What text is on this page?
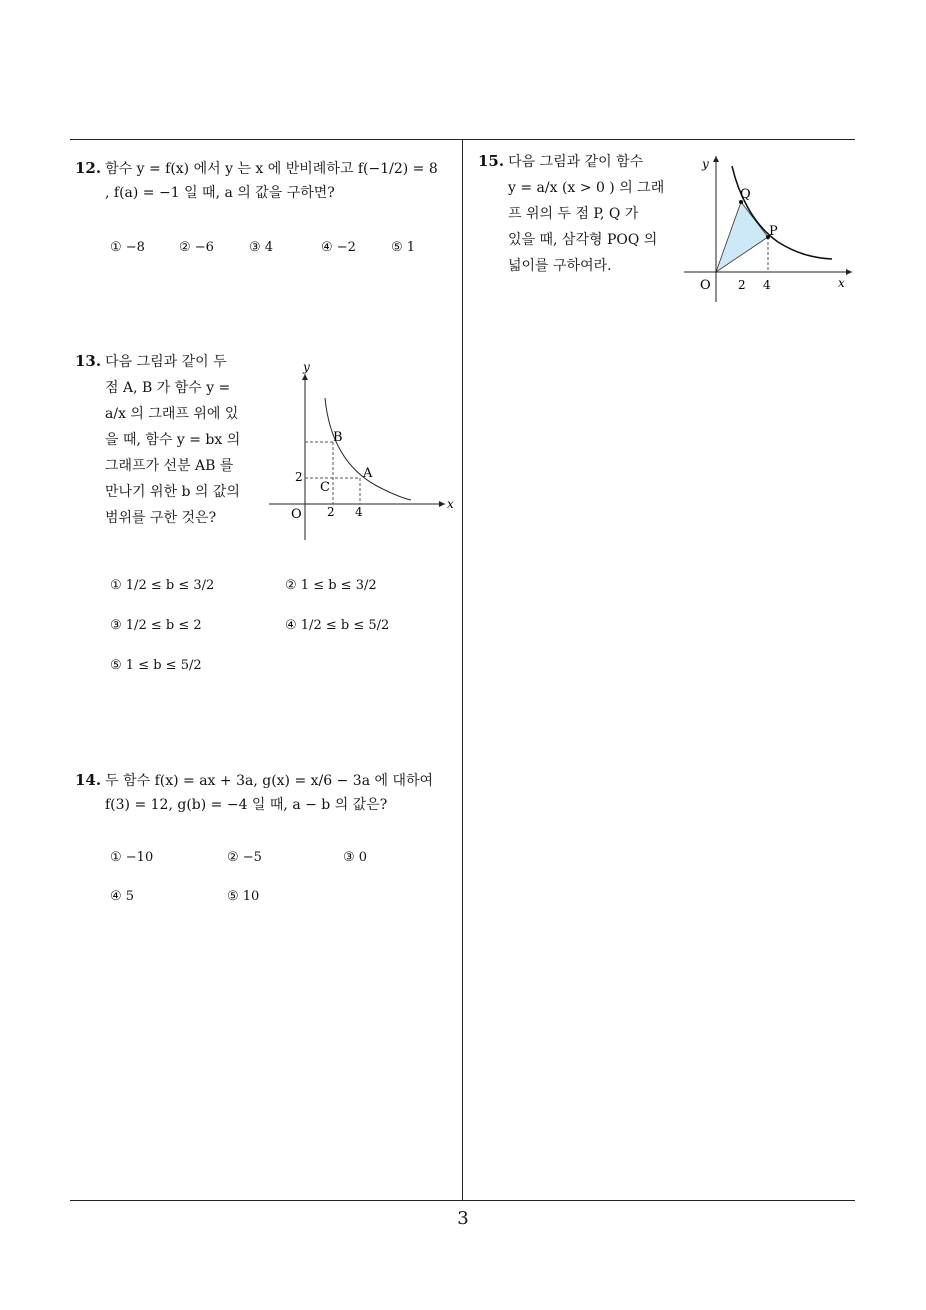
12. 함수 y = f(x) 에서 y 는 x 에 반비례하고 f(−1/2) = 8
, f(a) = −1 일 때, a 의 값을 구하면?
① −8	② −6	③ 4	④ −2	⑤ 1
13. 다음 그림과 같이 두
점 A, B 가 함수 y =
a/x 의 그래프 위에 있
을 때, 함수 y = bx 의
그래프가 선분 AB 를
만나기 위한 b 의 값의
범위를 구한 것은?
y
x
O 2 4
2
B
A
C
① 1/2 ≤ b ≤ 3/2	② 1 ≤ b ≤ 3/2
③ 1/2 ≤ b ≤ 2	④ 1/2 ≤ b ≤ 5/2
⑤ 1 ≤ b ≤ 5/2
14. 두 함수 f(x) = ax + 3a, g(x) = x/6 − 3a 에 대하여
f(3) = 12, g(b) = −4 일 때, a − b 의 값은?
① −10	② −5	③ 0
④ 5	⑤ 10
15. 다음 그림과 같이 함수
y = a/x (x > 0 ) 의 그래
프 위의 두 점 P, Q 가
있을 때, 삼각형 POQ 의
넓이를 구하여라.
y
x
O 2 4
Q
P
3
